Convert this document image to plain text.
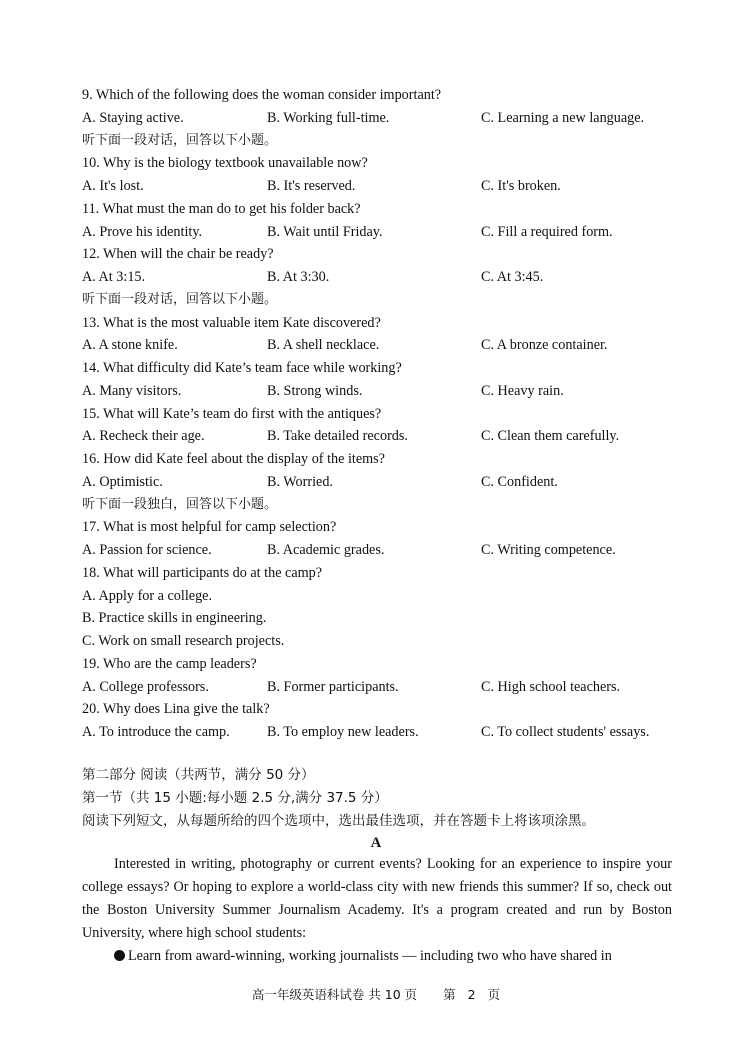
9. Which of the following does the woman consider important?
A. Staying active.	B. Working full-time.	C. Learning a new language.
听下面一段对话，回答以下小题。
10. Why is the biology textbook unavailable now?
A. It's lost.	B. It's reserved.	C. It's broken.
11. What must the man do to get his folder back?
A. Prove his identity.	B. Wait until Friday.	C. Fill a required form.
12. When will the chair be ready?
A. At 3:15.	B. At 3:30.	C. At 3:45.
听下面一段对话，回答以下小题。
13. What is the most valuable item Kate discovered?
A. A stone knife.	B. A shell necklace.	C. A bronze container.
14. What difficulty did Kate’s team face while working?
A. Many visitors.	B. Strong winds.	C. Heavy rain.
15. What will Kate’s team do first with the antiques?
A. Recheck their age.	B. Take detailed records.	C. Clean them carefully.
16. How did Kate feel about the display of the items?
A. Optimistic.	B. Worried.	C. Confident.
听下面一段独白，回答以下小题。
17. What is most helpful for camp selection?
A. Passion for science.	B. Academic grades.	C. Writing competence.
18. What will participants do at the camp?
A. Apply for a college.
B. Practice skills in engineering.
C. Work on small research projects.
19. Who are the camp leaders?
A. College professors.	B. Former participants.	C. High school teachers.
20. Why does Lina give the talk?
A. To introduce the camp.	B. To employ new leaders.	C. To collect students' essays.
第二部分 阅读（共两节，满分 50 分）
第一节（共 15 小题:每小题 2.5 分,满分 37.5 分）
阅读下列短文，从每题所给的四个选项中，选出最佳选项，并在答题卡上将该项涂黑。
A
Interested in writing, photography or current events? Looking for an experience to inspire your college essays? Or hoping to explore a world-class city with new friends this summer? If so, check out the Boston University Summer Journalism Academy. It's a program created and run by Boston University, where high school students:
Learn from award-winning, working journalists — including two who have shared in
高一年级英语科试卷 共 10 页 第 2 页
